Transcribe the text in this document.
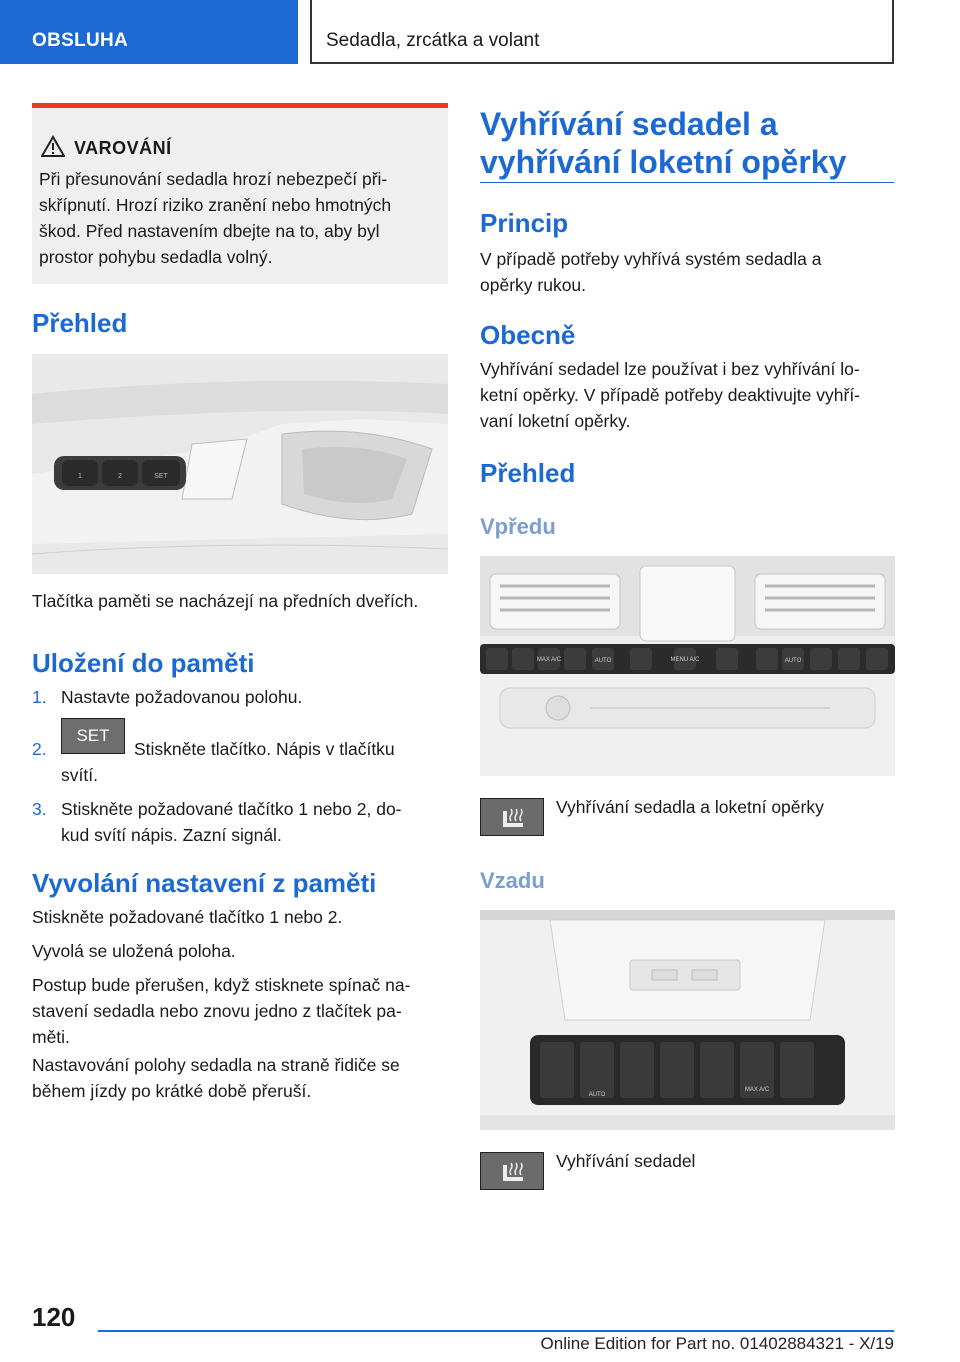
OBSLUHA	Sedadla, zrcátka a volant
VAROVÁNÍ
Při přesunování sedadla hrozí nebezpečí při-
skřípnutí. Hrozí riziko zranění nebo hmotných
škod. Před nastavením dbejte na to, aby byl
prostor pohybu sedadla volný.
Přehled
1	2	SET
Tlačítka paměti se nacházejí na předních dveřích.
Uložení do paměti
1. Nastavte požadovanou polohu.
2.
SET
Stiskněte tlačítko. Nápis v tlačítku
svítí.
3. Stiskněte požadované tlačítko 1 nebo 2, do-
kud svítí nápis. Zazní signál.
Vyvolání nastavení z paměti
Stiskněte požadované tlačítko 1 nebo 2.
Vyvolá se uložená poloha.
Postup bude přerušen, když stisknete spínač na-
stavení sedadla nebo znovu jedno z tlačítek pa-
měti.
Nastavování polohy sedadla na straně řidiče se
během jízdy po krátké době přeruší.
Vyhřívání sedadel a
vyhřívání loketní opěrky
Princip
V případě potřeby vyhřívá systém sedadla a
opěrky rukou.
Obecně
Vyhřívání sedadel lze používat i bez vyhřívání lo-
ketní opěrky. V případě potřeby deaktivujte vyhří-
vaní loketní opěrky.
Přehled
Vpředu
MAX A/C	AUTO	MENU A/C	AUTO
Vyhřívání sedadla a loketní opěrky
Vzadu
AUTO
MAX A/C
Vyhřívání sedadel
120
Online Edition for Part no. 01402884321 - X/19
